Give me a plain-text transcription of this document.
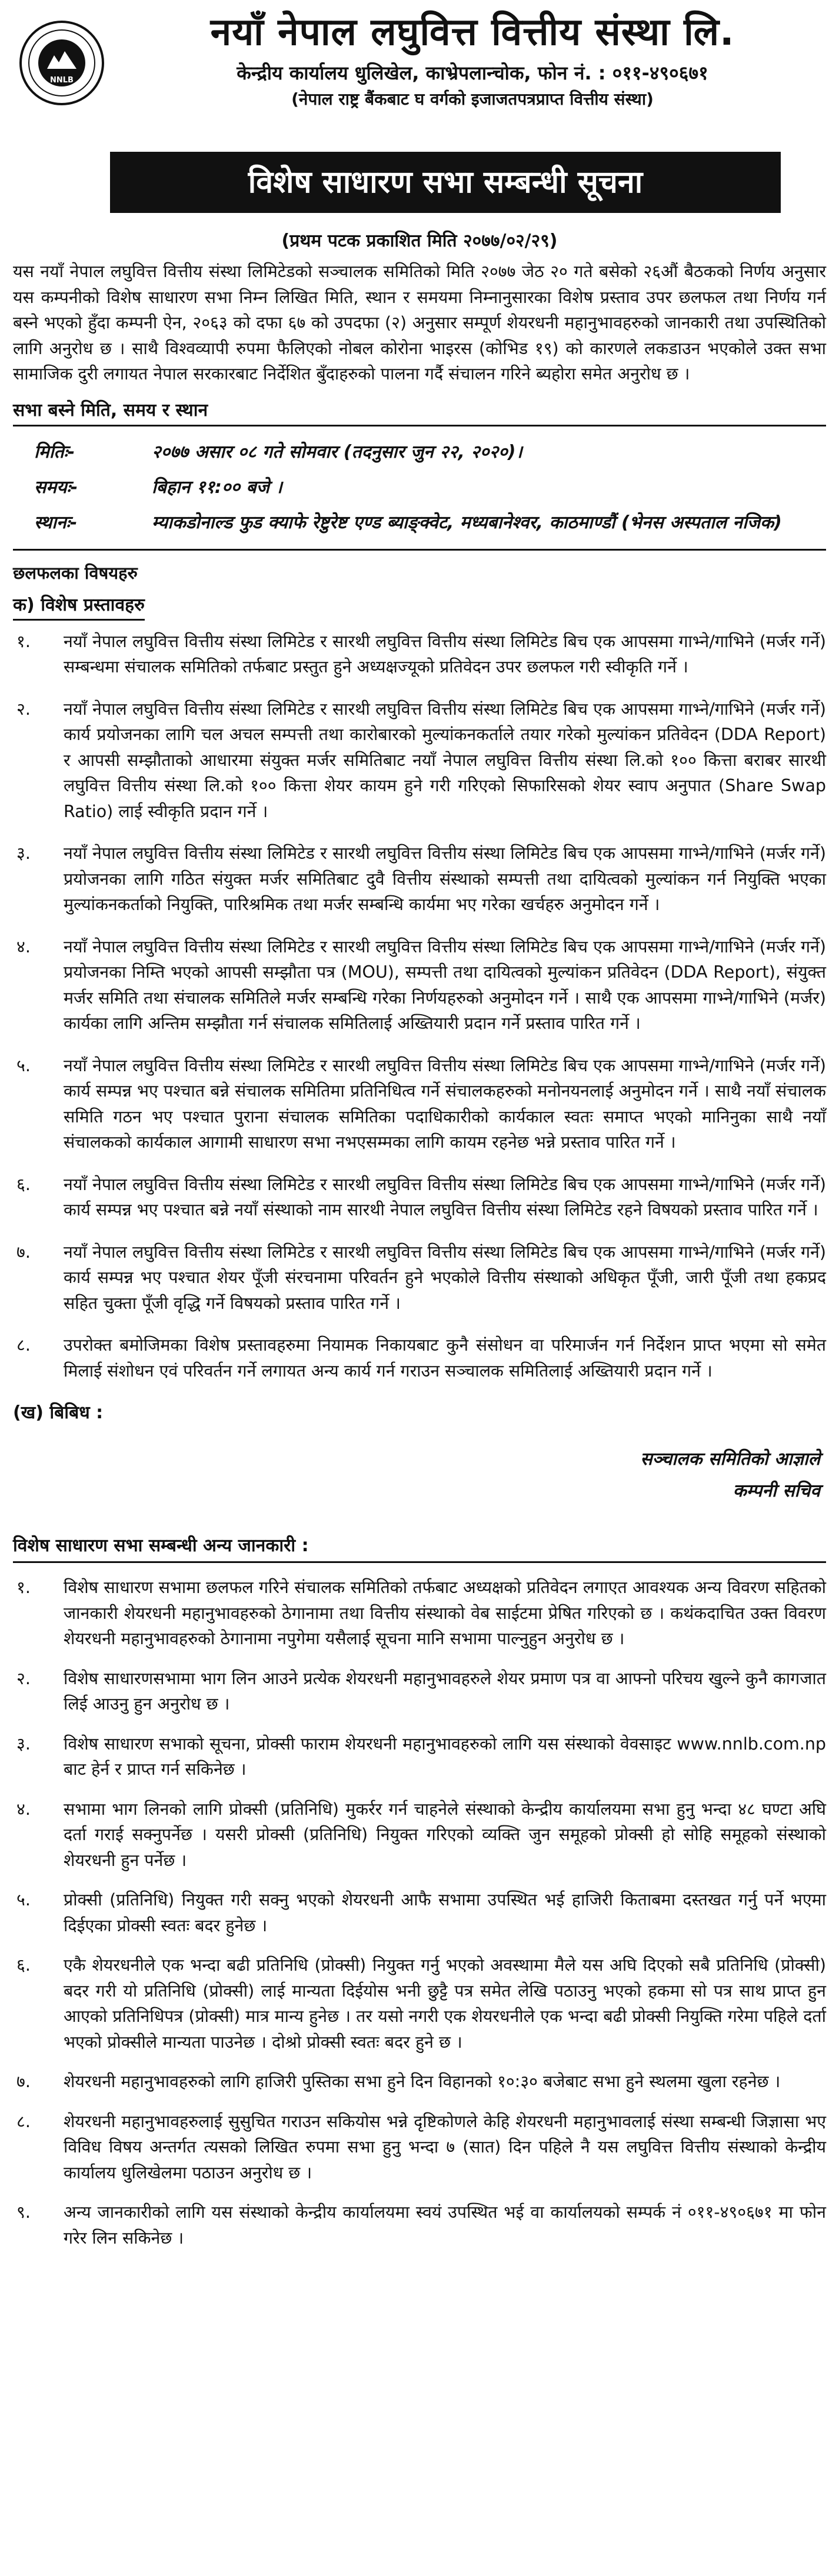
NNLB
नयाँ नेपाल लघुवित्त वित्तीय संस्था लि.
केन्द्रीय कार्यालय धुलिखेल, काभ्रेपलान्चोक, फोन नं. : ०११-४९०६७१
(नेपाल राष्ट्र बैंकबाट घ वर्गको इजाजतपत्रप्राप्त वित्तीय संस्था)
विशेष साधारण सभा सम्बन्धी सूचना
(प्रथम पटक प्रकाशित मिति २०७७/०२/२९)

यस नयाँ नेपाल लघुवित्त वित्तीय संस्था लिमिटेडको सञ्चालक समितिको मिति २०७७ जेठ २० गते बसेको २६औं बैठकको निर्णय अनुसार यस कम्पनीको विशेष साधारण सभा निम्न लिखित मिति, स्थान र समयमा निम्नानुसारका विशेष प्रस्ताव उपर छलफल तथा निर्णय गर्न बस्ने भएको हुँदा कम्पनी ऐन, २०६३ को दफा ६७ को उपदफा (२) अनुसार सम्पूर्ण शेयरधनी महानुभावहरुको जानकारी तथा उपस्थितिको लागि अनुरोध छ । साथै विश्वव्यापी रुपमा फैलिएको नोबल कोरोना भाइरस (कोभिड १९) को कारणले लकडाउन भएकोले उक्त सभा सामाजिक दुरी लगायत नेपाल सरकारबाट निर्देशित बुँदाहरुको पालना गर्दै संचालन गरिने ब्यहोरा समेत अनुरोध छ ।

सभा बस्ने मिति, समय र स्थान
मितिः-	२०७७ असार ०८ गते सोमवार (तदनुसार जुन २२, २०२०)।
समयः-	बिहान ११:०० बजे ।
स्थानः-	म्याकडोनाल्ड फुड क्याफे रेष्टुरेष्ट एण्ड ब्याङ्क्वेट, मध्यबानेश्वर, काठमाण्डौं (भेनस अस्पताल नजिक)
छलफलका विषयहरु
क) विशेष प्रस्तावहरु
१.	नयाँ नेपाल लघुवित्त वित्तीय संस्था लिमिटेड र सारथी लघुवित्त वित्तीय संस्था लिमिटेड बिच एक आपसमा गाभ्ने/गाभिने (मर्जर गर्ने) सम्बन्धमा संचालक समितिको तर्फबाट प्रस्तुत हुने अध्यक्षज्यूको प्रतिवेदन उपर छलफल गरी स्वीकृति गर्ने ।
२.	नयाँ नेपाल लघुवित्त वित्तीय संस्था लिमिटेड र सारथी लघुवित्त वित्तीय संस्था लिमिटेड बिच एक आपसमा गाभ्ने/गाभिने (मर्जर गर्ने) कार्य प्रयोजनका लागि चल अचल सम्पत्ती तथा कारोबारको मुल्यांकनकर्ताले तयार गरेको मुल्यांकन प्रतिवेदन (DDA Report) र आपसी सम्झौताको आधारमा संयुक्त मर्जर समितिबाट नयाँ नेपाल लघुवित्त वित्तीय संस्था लि.को १०० कित्ता बराबर सारथी लघुवित्त वित्तीय संस्था लि.को १०० कित्ता शेयर कायम हुने गरी गरिएको सिफारिसको शेयर स्वाप अनुपात (Share Swap Ratio) लाई स्वीकृति प्रदान गर्ने ।
३.	नयाँ नेपाल लघुवित्त वित्तीय संस्था लिमिटेड र सारथी लघुवित्त वित्तीय संस्था लिमिटेड बिच एक आपसमा गाभ्ने/गाभिने (मर्जर गर्ने) प्रयोजनका लागि गठित संयुक्त मर्जर समितिबाट दुवै वित्तीय संस्थाको सम्पत्ती तथा दायित्वको मुल्यांकन गर्न नियुक्ति भएका मुल्यांकनकर्ताको नियुक्ति, पारिश्रमिक तथा मर्जर सम्बन्धि कार्यमा भए गरेका खर्चहरु अनुमोदन गर्ने ।
४.	नयाँ नेपाल लघुवित्त वित्तीय संस्था लिमिटेड र सारथी लघुवित्त वित्तीय संस्था लिमिटेड बिच एक आपसमा गाभ्ने/गाभिने (मर्जर गर्ने) प्रयोजनका निम्ति भएको आपसी सम्झौता पत्र (MOU), सम्पत्ती तथा दायित्वको मुल्यांकन प्रतिवेदन (DDA Report), संयुक्त मर्जर समिति तथा संचालक समितिले मर्जर सम्बन्धि गरेका निर्णयहरुको अनुमोदन गर्ने । साथै एक आपसमा गाभ्ने/गाभिने (मर्जर) कार्यका लागि अन्तिम सम्झौता गर्न संचालक समितिलाई अख्तियारी प्रदान गर्ने प्रस्ताव पारित गर्ने ।
५.	नयाँ नेपाल लघुवित्त वित्तीय संस्था लिमिटेड र सारथी लघुवित्त वित्तीय संस्था लिमिटेड बिच एक आपसमा गाभ्ने/गाभिने (मर्जर गर्ने) कार्य सम्पन्न भए पश्चात बन्ने संचालक समितिमा प्रतिनिधित्व गर्ने संचालकहरुको मनोनयनलाई अनुमोदन गर्ने । साथै नयाँ संचालक समिति गठन भए पश्चात पुराना संचालक समितिका पदाधिकारीको कार्यकाल स्वतः समाप्त भएको मानिनुका साथै नयाँ संचालकको कार्यकाल आगामी साधारण सभा नभएसम्मका लागि कायम रहनेछ भन्ने प्रस्ताव पारित गर्ने ।
६.	नयाँ नेपाल लघुवित्त वित्तीय संस्था लिमिटेड र सारथी लघुवित्त वित्तीय संस्था लिमिटेड बिच एक आपसमा गाभ्ने/गाभिने (मर्जर गर्ने) कार्य सम्पन्न भए पश्चात बन्ने नयाँ संस्थाको नाम सारथी नेपाल लघुवित्त वित्तीय संस्था लिमिटेड रहने विषयको प्रस्ताव पारित गर्ने ।
७.	नयाँ नेपाल लघुवित्त वित्तीय संस्था लिमिटेड र सारथी लघुवित्त वित्तीय संस्था लिमिटेड बिच एक आपसमा गाभ्ने/गाभिने (मर्जर गर्ने) कार्य सम्पन्न भए पश्चात शेयर पूँजी संरचनामा परिवर्तन हुने भएकोले वित्तीय संस्थाको अधिकृत पूँजी, जारी पूँजी तथा हकप्रद सहित चुक्ता पूँजी वृद्धि गर्ने विषयको प्रस्ताव पारित गर्ने ।
८.	उपरोक्त बमोजिमका विशेष प्रस्तावहरुमा नियामक निकायबाट कुनै संसोधन वा परिमार्जन गर्न निर्देशन प्राप्त भएमा सो समेत मिलाई संशोधन एवं परिवर्तन गर्ने लगायत अन्य कार्य गर्न गराउन सञ्चालक समितिलाई अख्तियारी प्रदान गर्ने ।
(ख) बिबिध :
सञ्चालक समितिको आज्ञाले
कम्पनी सचिव
विशेष साधारण सभा सम्बन्धी अन्य जानकारी :
१.	विशेष साधारण सभामा छलफल गरिने संचालक समितिको तर्फबाट अध्यक्षको प्रतिवेदन लगाएत आवश्यक अन्य विवरण सहितको जानकारी शेयरधनी महानुभावहरुको ठेगानामा तथा वित्तीय संस्थाको वेब साईटमा प्रेषित गरिएको छ । कथंकदाचित उक्त विवरण शेयरधनी महानुभावहरुको ठेगानामा नपुगेमा यसैलाई सूचना मानि सभामा पाल्नुहुन अनुरोध छ ।
२.	विशेष साधारणसभामा भाग लिन आउने प्रत्येक शेयरधनी महानुभावहरुले शेयर प्रमाण पत्र वा आफ्नो परिचय खुल्ने कुनै कागजात लिई आउनु हुन अनुरोध छ ।
३.	विशेष साधारण सभाको सूचना, प्रोक्सी फाराम शेयरधनी महानुभावहरुको लागि यस संस्थाको वेवसाइट www.nnlb.com.np बाट हेर्न र प्राप्त गर्न सकिनेछ ।
४.	सभामा भाग लिनको लागि प्रोक्सी (प्रतिनिधि) मुकर्रर गर्न चाहनेले संस्थाको केन्द्रीय कार्यालयमा सभा हुनु भन्दा ४८ घण्टा अघि दर्ता गराई सक्नुपर्नेछ । यसरी प्रोक्सी (प्रतिनिधि) नियुक्त गरिएको व्यक्ति जुन समूहको प्रोक्सी हो सोहि समूहको संस्थाको शेयरधनी हुन पर्नेछ ।
५.	प्रोक्सी (प्रतिनिधि) नियुक्त गरी सक्नु भएको शेयरधनी आफै सभामा उपस्थित भई हाजिरी किताबमा दस्तखत गर्नु पर्ने भएमा दिईएका प्रोक्सी स्वतः बदर हुनेछ ।
६.	एकै शेयरधनीले एक भन्दा बढी प्रतिनिधि (प्रोक्सी) नियुक्त गर्नु भएको अवस्थामा मैले यस अघि दिएको सबै प्रतिनिधि (प्रोक्सी) बदर गरी यो प्रतिनिधि (प्रोक्सी) लाई मान्यता दिईयोस भनी छुट्टै पत्र समेत लेखि पठाउनु भएको हकमा सो पत्र साथ प्राप्त हुन आएको प्रतिनिधिपत्र (प्रोक्सी) मात्र मान्य हुनेछ । तर यसो नगरी एक शेयरधनीले एक भन्दा बढी प्रोक्सी नियुक्ति गरेमा पहिले दर्ता भएको प्रोक्सीले मान्यता पाउनेछ । दोश्रो प्रोक्सी स्वतः बदर हुने छ ।
७.	शेयरधनी महानुभावहरुको लागि हाजिरी पुस्तिका सभा हुने दिन विहानको १०:३० बजेबाट सभा हुने स्थलमा खुला रहनेछ ।
८.	शेयरधनी महानुभावहरुलाई सुसुचित गराउन सकियोस भन्ने दृष्टिकोणले केहि शेयरधनी महानुभावलाई संस्था सम्बन्धी जिज्ञासा भए विविध विषय अन्तर्गत त्यसको लिखित रुपमा सभा हुनु भन्दा ७ (सात) दिन पहिले नै यस लघुवित्त वित्तीय संस्थाको केन्द्रीय कार्यालय धुलिखेलमा पठाउन अनुरोध छ ।
९.	अन्य जानकारीको लागि यस संस्थाको केन्द्रीय कार्यालयमा स्वयं उपस्थित भई वा कार्यालयको सम्पर्क नं ०११-४९०६७१ मा फोन गरेर लिन सकिनेछ ।
